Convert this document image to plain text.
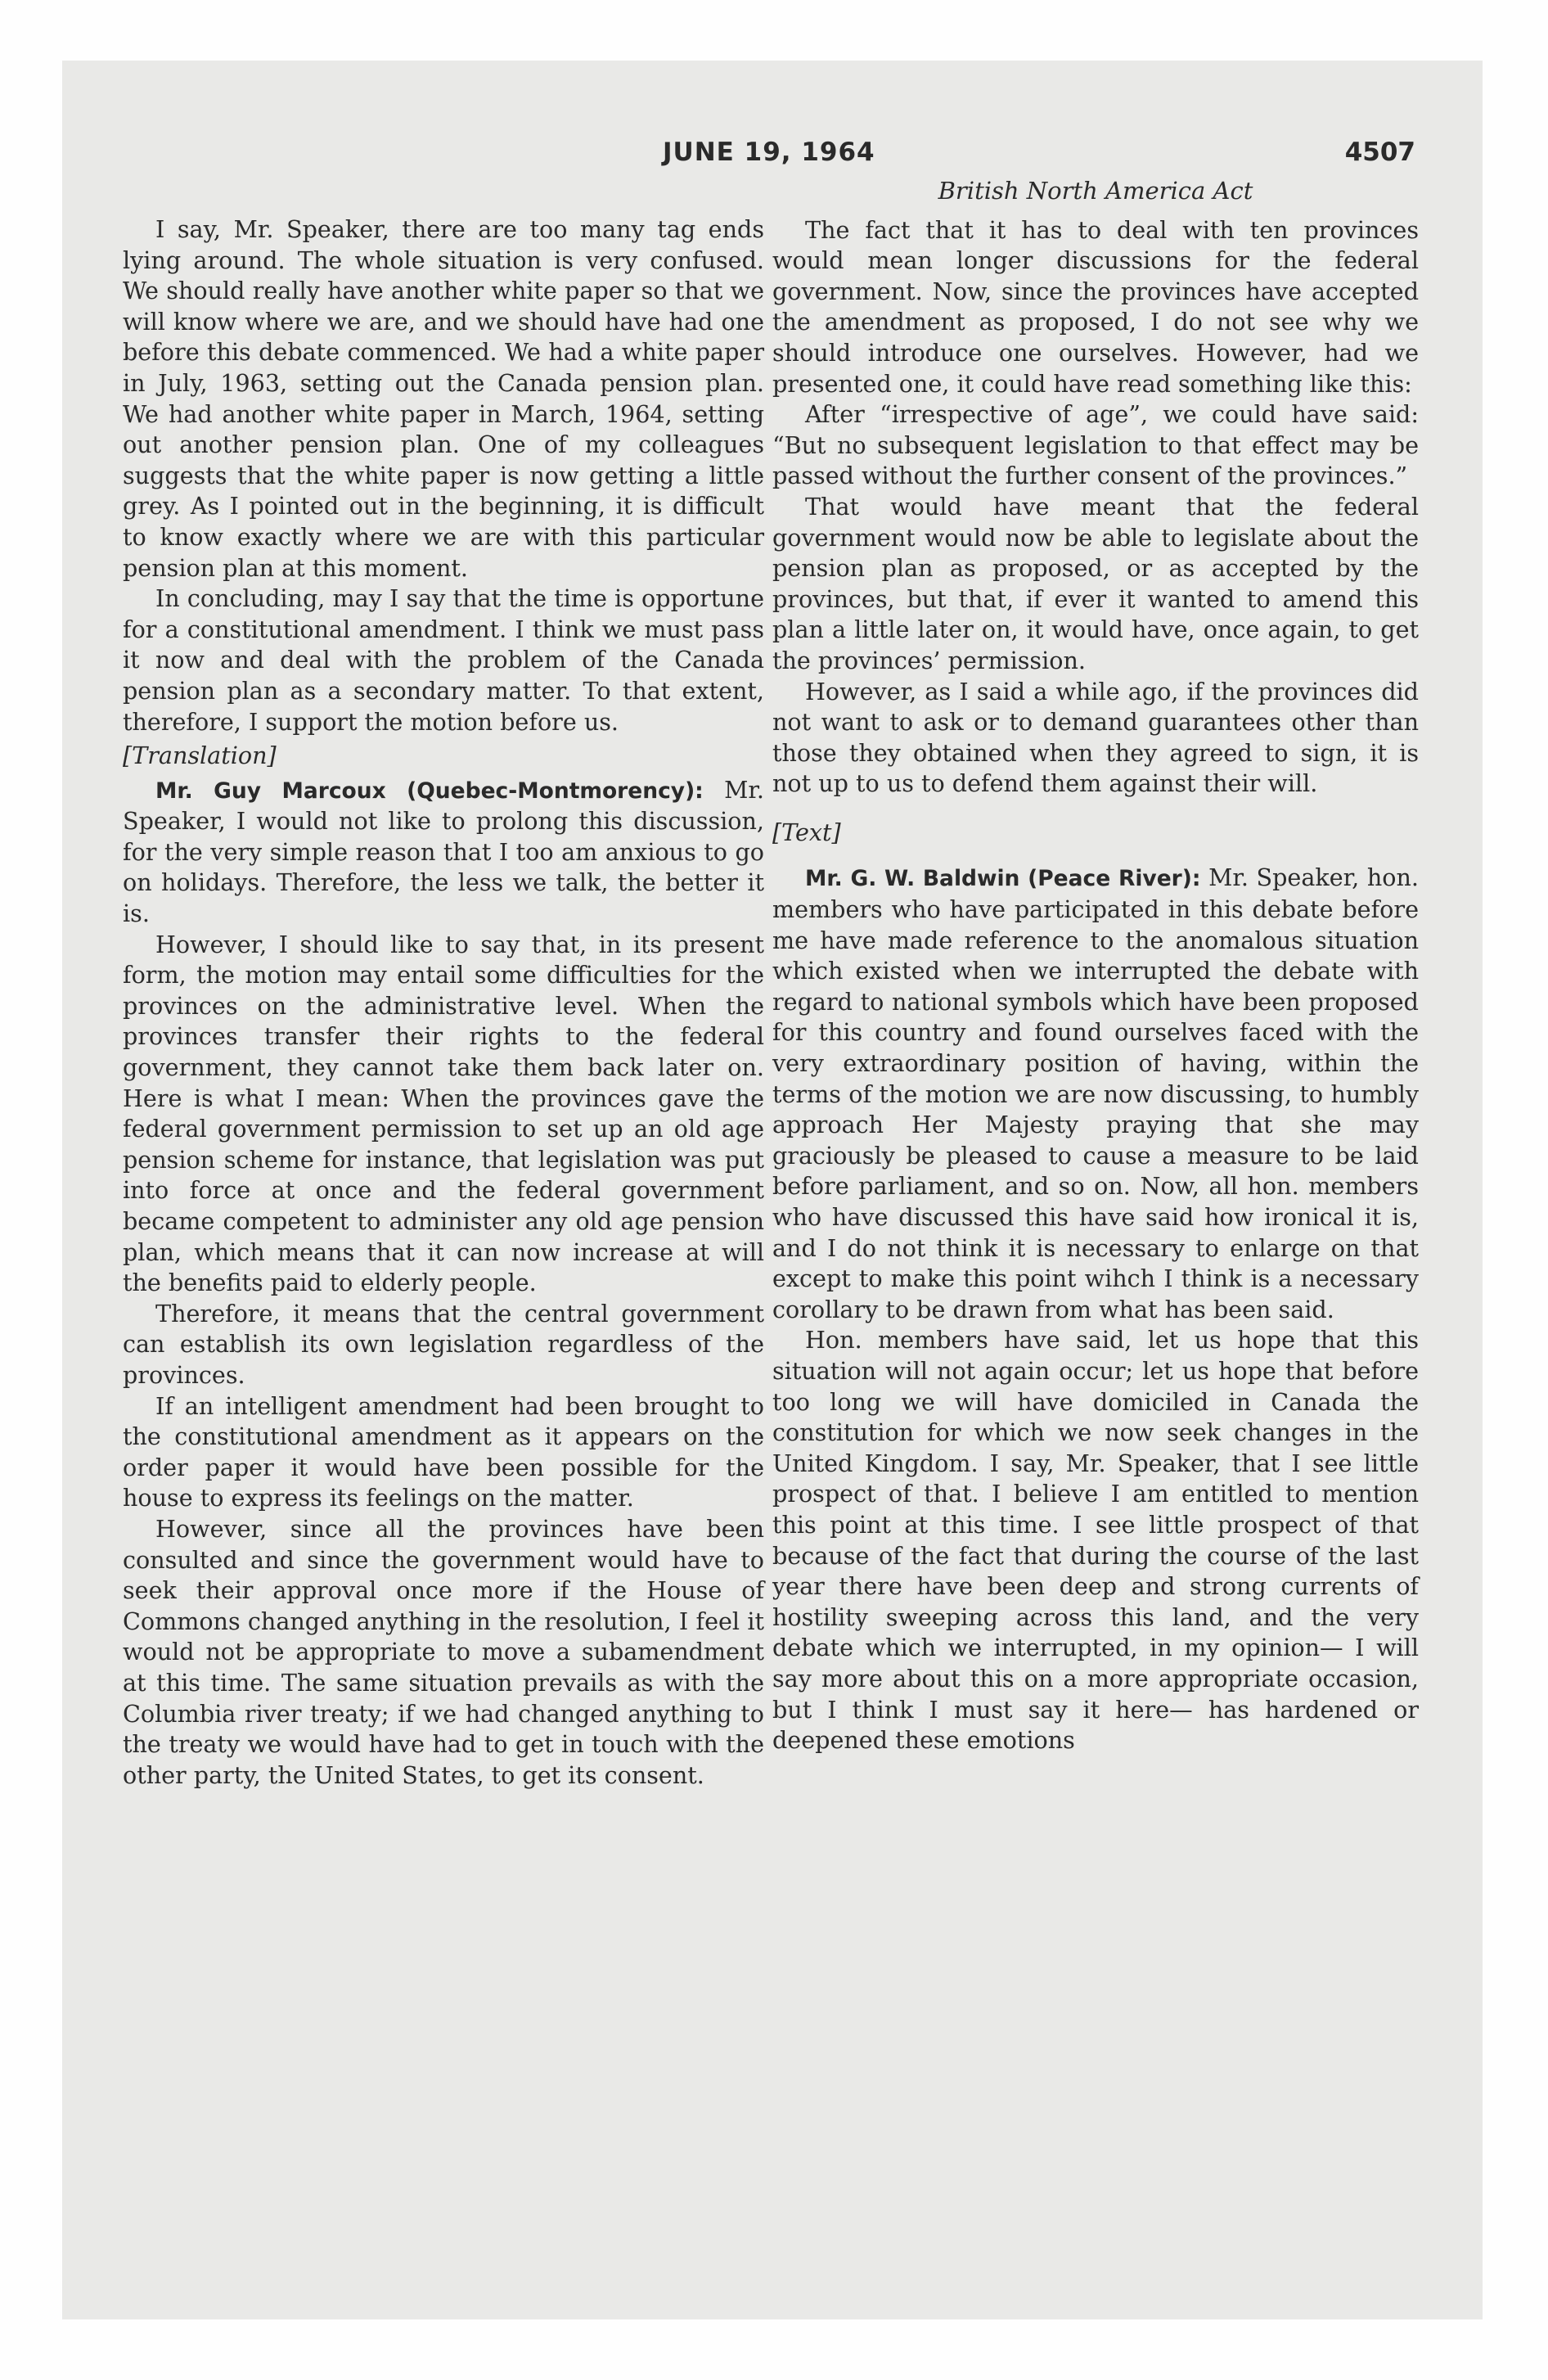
JUNE 19, 1964	4507

I say, Mr. Speaker, there are too many tag ends lying around. The whole situation is very confused. We should really have another white paper so that we will know where we are, and we should have had one before this debate commenced. We had a white paper in July, 1963, setting out the Canada pension plan. We had another white paper in March, 1964, setting out another pension plan. One of my colleagues suggests that the white paper is now getting a little grey. As I pointed out in the beginning, it is difficult to know exactly where we are with this particular pension plan at this moment.

In concluding, may I say that the time is opportune for a constitutional amendment. I think we must pass it now and deal with the problem of the Canada pension plan as a secondary matter. To that extent, therefore, I support the motion before us.

[Translation]

Mr. Guy Marcoux (Quebec-Montmorency): Mr. Speaker, I would not like to prolong this discussion, for the very simple reason that I too am anxious to go on holidays. Therefore, the less we talk, the better it is.

However, I should like to say that, in its present form, the motion may entail some difficulties for the provinces on the administrative level. When the provinces transfer their rights to the federal government, they cannot take them back later on. Here is what I mean: When the provinces gave the federal government permission to set up an old age pension scheme for instance, that legislation was put into force at once and the federal government became competent to administer any old age pension plan, which means that it can now increase at will the benefits paid to elderly people.

Therefore, it means that the central government can establish its own legislation regardless of the provinces.

If an intelligent amendment had been brought to the constitutional amendment as it appears on the order paper it would have been possible for the house to express its feelings on the matter.

However, since all the provinces have been consulted and since the government would have to seek their approval once more if the House of Commons changed anything in the resolution, I feel it would not be appropriate to move a subamendment at this time. The same situation prevails as with the Columbia river treaty; if we had changed anything to the treaty we would have had to get in touch with the other party, the United States, to get its consent.

British North America Act

The fact that it has to deal with ten provinces would mean longer discussions for the federal government. Now, since the provinces have accepted the amendment as proposed, I do not see why we should introduce one ourselves. However, had we presented one, it could have read something like this:

After “irrespective of age”, we could have said: “But no subsequent legislation to that effect may be passed without the further consent of the provinces.”

That would have meant that the federal government would now be able to legislate about the pension plan as proposed, or as accepted by the provinces, but that, if ever it wanted to amend this plan a little later on, it would have, once again, to get the provinces’ permission.

However, as I said a while ago, if the provinces did not want to ask or to demand guarantees other than those they obtained when they agreed to sign, it is not up to us to defend them against their will.

[Text]

Mr. G. W. Baldwin (Peace River): Mr. Speaker, hon. members who have participated in this debate before me have made reference to the anomalous situation which existed when we interrupted the debate with regard to national symbols which have been proposed for this country and found ourselves faced with the very extraordinary position of having, within the terms of the motion we are now discussing, to humbly approach Her Majesty praying that she may graciously be pleased to cause a measure to be laid before parliament, and so on. Now, all hon. members who have discussed this have said how ironical it is, and I do not think it is necessary to enlarge on that except to make this point wihch I think is a necessary corollary to be drawn from what has been said.

Hon. members have said, let us hope that this situation will not again occur; let us hope that before too long we will have domiciled in Canada the constitution for which we now seek changes in the United Kingdom. I say, Mr. Speaker, that I see little prospect of that. I believe I am entitled to mention this point at this time. I see little prospect of that because of the fact that during the course of the last year there have been deep and strong currents of hostility sweeping across this land, and the very debate which we interrupted, in my opinion— I will say more about this on a more appropriate occasion, but I think I must say it here— has hardened or deepened these emotions
